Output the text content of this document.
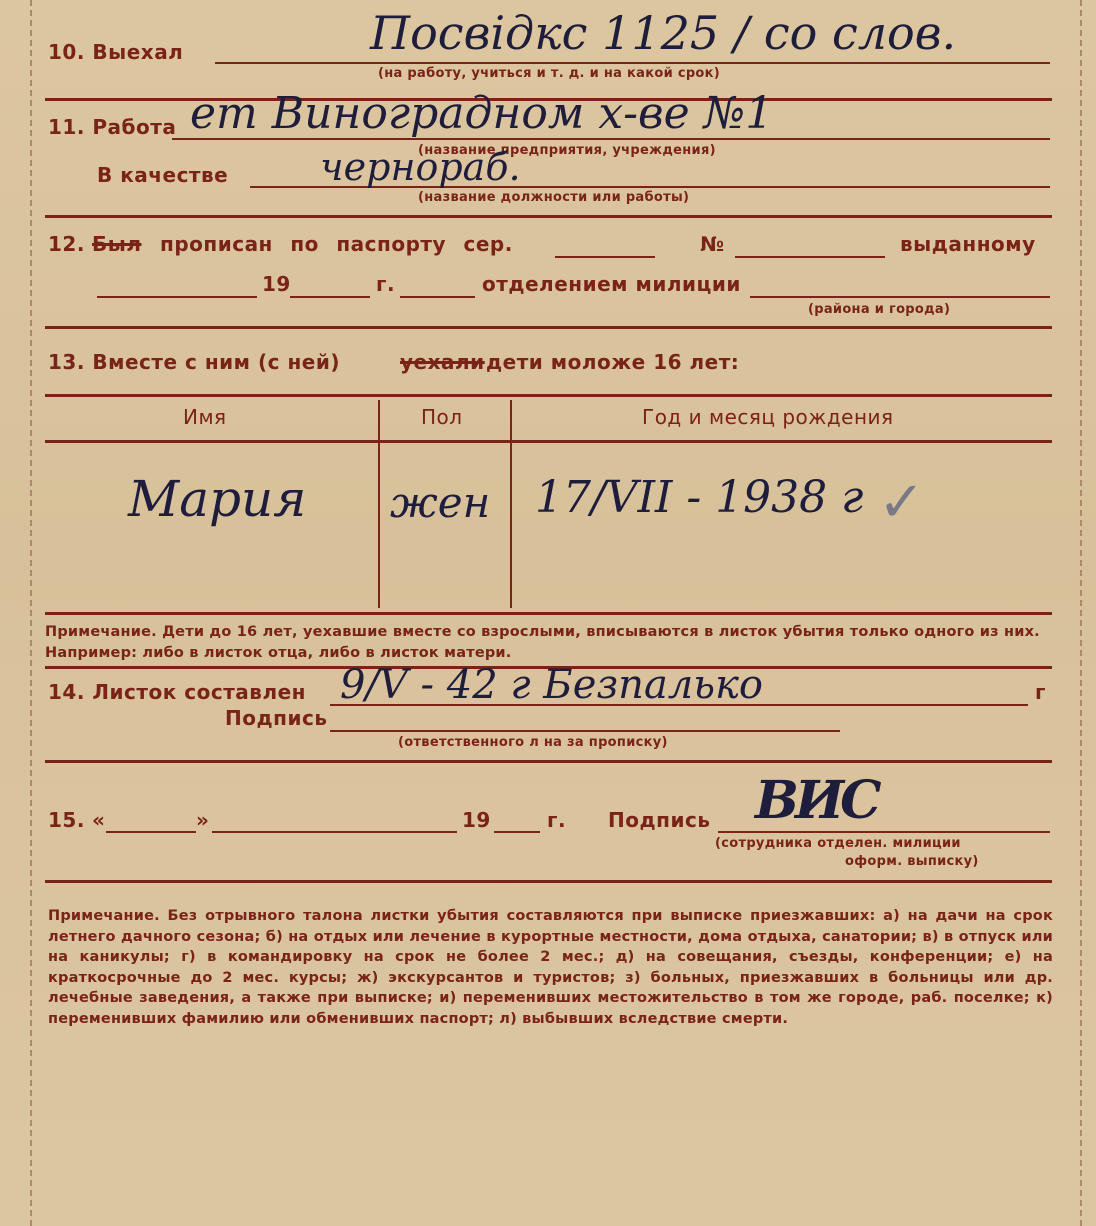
10. Выехал
(на работу, учиться и т. д. и на какой срок)
Посвідкс 1125 / со слов.
11. Работа
(название предприятия, учреждения)
ет Виноградном х-ве №1
В качестве
(название должности или работы)
чернораб.
12. Был прописан по паспорту сер.	№	выданному
19	г.	отделением милиции
(района и города)
13. Вместе с ним (с ней)	уехали дети моложе 16 лет:
Имя	Пол	Год и месяц рождения
Мария жен 17/VII - 1938 г ✓
Примечание. Дети до 16 лет, уехавшие вместе со взрослыми, вписываются в листок убытия только одного из них. Например: либо в листок отца, либо в листок матери.
14. Листок составлен	г
9/V - 42 г Безпалько
Подпись
(ответственного л на за прописку)
15. «	»	19	г. Подпись ВИС
(сотрудника отделен. милиции
оформ. выписку)
Примечание. Без отрывного талона листки убытия составляются при выписке приезжавших: а) на дачи на срок летнего дачного сезона; б) на отдых или лечение в курортные местности, дома отдыха, санатории; в) в отпуск или на каникулы; г) в командировку на срок не более 2 мес.; д) на совещания, съезды, конференции; е) на краткосрочные до 2 мес. курсы; ж) экскурсантов и туристов; з) больных, приезжавших в больницы или др. лечебные заведения, а также при выписке; и) переменивших местожительство в том же городе, раб. поселке; к) переменивших фамилию или обменивших паспорт; л) выбывших вследствие смерти.
